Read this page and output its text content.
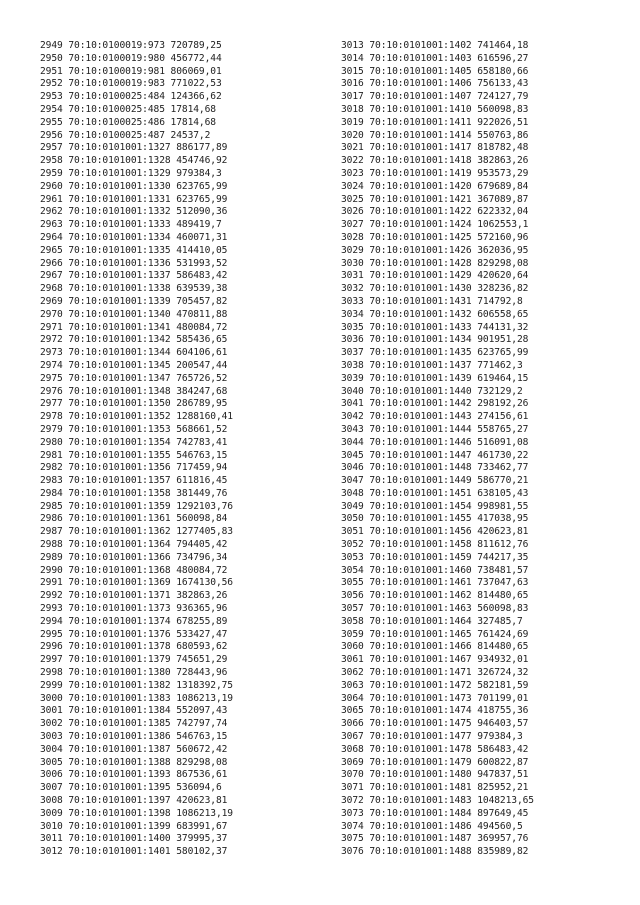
2949 70:10:0100019:973 720789,25
2950 70:10:0100019:980 456772,44
2951 70:10:0100019:981 806069,01
2952 70:10:0100019:983 771022,53
2953 70:10:0100025:484 124366,62
2954 70:10:0100025:485 17814,68
2955 70:10:0100025:486 17814,68
2956 70:10:0100025:487 24537,2
2957 70:10:0101001:1327 886177,89
2958 70:10:0101001:1328 454746,92
2959 70:10:0101001:1329 979384,3
2960 70:10:0101001:1330 623765,99
2961 70:10:0101001:1331 623765,99
2962 70:10:0101001:1332 512090,36
2963 70:10:0101001:1333 489419,7
2964 70:10:0101001:1334 460071,31
2965 70:10:0101001:1335 414410,05
2966 70:10:0101001:1336 531993,52
2967 70:10:0101001:1337 586483,42
2968 70:10:0101001:1338 639539,38
2969 70:10:0101001:1339 705457,82
2970 70:10:0101001:1340 470811,88
2971 70:10:0101001:1341 480084,72
2972 70:10:0101001:1342 585436,65
2973 70:10:0101001:1344 604106,61
2974 70:10:0101001:1345 200547,44
2975 70:10:0101001:1347 765726,52
2976 70:10:0101001:1348 384247,68
2977 70:10:0101001:1350 286789,95
2978 70:10:0101001:1352 1288160,41
2979 70:10:0101001:1353 568661,52
2980 70:10:0101001:1354 742783,41
2981 70:10:0101001:1355 546763,15
2982 70:10:0101001:1356 717459,94
2983 70:10:0101001:1357 611816,45
2984 70:10:0101001:1358 381449,76
2985 70:10:0101001:1359 1292103,76
2986 70:10:0101001:1361 560098,84
2987 70:10:0101001:1362 1277405,83
2988 70:10:0101001:1364 794405,42
2989 70:10:0101001:1366 734796,34
2990 70:10:0101001:1368 480084,72
2991 70:10:0101001:1369 1674130,56
2992 70:10:0101001:1371 382863,26
2993 70:10:0101001:1373 936365,96
2994 70:10:0101001:1374 678255,89
2995 70:10:0101001:1376 533427,47
2996 70:10:0101001:1378 680593,62
2997 70:10:0101001:1379 745651,29
2998 70:10:0101001:1380 728443,96
2999 70:10:0101001:1382 1318392,75
3000 70:10:0101001:1383 1086213,19
3001 70:10:0101001:1384 552097,43
3002 70:10:0101001:1385 742797,74
3003 70:10:0101001:1386 546763,15
3004 70:10:0101001:1387 560672,42
3005 70:10:0101001:1388 829298,08
3006 70:10:0101001:1393 867536,61
3007 70:10:0101001:1395 536094,6
3008 70:10:0101001:1397 420623,81
3009 70:10:0101001:1398 1086213,19
3010 70:10:0101001:1399 683991,67
3011 70:10:0101001:1400 379995,37
3012 70:10:0101001:1401 580102,37
3013 70:10:0101001:1402 741464,18
3014 70:10:0101001:1403 616596,27
3015 70:10:0101001:1405 658180,66
3016 70:10:0101001:1406 756133,43
3017 70:10:0101001:1407 724127,79
3018 70:10:0101001:1410 560098,83
3019 70:10:0101001:1411 922026,51
3020 70:10:0101001:1414 550763,86
3021 70:10:0101001:1417 818782,48
3022 70:10:0101001:1418 382863,26
3023 70:10:0101001:1419 953573,29
3024 70:10:0101001:1420 679689,84
3025 70:10:0101001:1421 367089,87
3026 70:10:0101001:1422 622332,04
3027 70:10:0101001:1424 1062553,1
3028 70:10:0101001:1425 572160,96
3029 70:10:0101001:1426 362036,95
3030 70:10:0101001:1428 829298,08
3031 70:10:0101001:1429 420620,64
3032 70:10:0101001:1430 328236,82
3033 70:10:0101001:1431 714792,8
3034 70:10:0101001:1432 606558,65
3035 70:10:0101001:1433 744131,32
3036 70:10:0101001:1434 901951,28
3037 70:10:0101001:1435 623765,99
3038 70:10:0101001:1437 771462,3
3039 70:10:0101001:1439 619464,15
3040 70:10:0101001:1440 732129,2
3041 70:10:0101001:1442 298192,26
3042 70:10:0101001:1443 274156,61
3043 70:10:0101001:1444 558765,27
3044 70:10:0101001:1446 516091,08
3045 70:10:0101001:1447 461730,22
3046 70:10:0101001:1448 733462,77
3047 70:10:0101001:1449 586770,21
3048 70:10:0101001:1451 638105,43
3049 70:10:0101001:1454 998981,55
3050 70:10:0101001:1455 417038,95
3051 70:10:0101001:1456 420623,81
3052 70:10:0101001:1458 811612,76
3053 70:10:0101001:1459 744217,35
3054 70:10:0101001:1460 738481,57
3055 70:10:0101001:1461 737047,63
3056 70:10:0101001:1462 814480,65
3057 70:10:0101001:1463 560098,83
3058 70:10:0101001:1464 327485,7
3059 70:10:0101001:1465 761424,69
3060 70:10:0101001:1466 814480,65
3061 70:10:0101001:1467 934932,01
3062 70:10:0101001:1471 326724,32
3063 70:10:0101001:1472 582181,59
3064 70:10:0101001:1473 701199,01
3065 70:10:0101001:1474 418755,36
3066 70:10:0101001:1475 946403,57
3067 70:10:0101001:1477 979384,3
3068 70:10:0101001:1478 586483,42
3069 70:10:0101001:1479 600822,87
3070 70:10:0101001:1480 947837,51
3071 70:10:0101001:1481 825952,21
3072 70:10:0101001:1483 1048213,65
3073 70:10:0101001:1484 897649,45
3074 70:10:0101001:1486 494560,5
3075 70:10:0101001:1487 369957,76
3076 70:10:0101001:1488 835989,82
